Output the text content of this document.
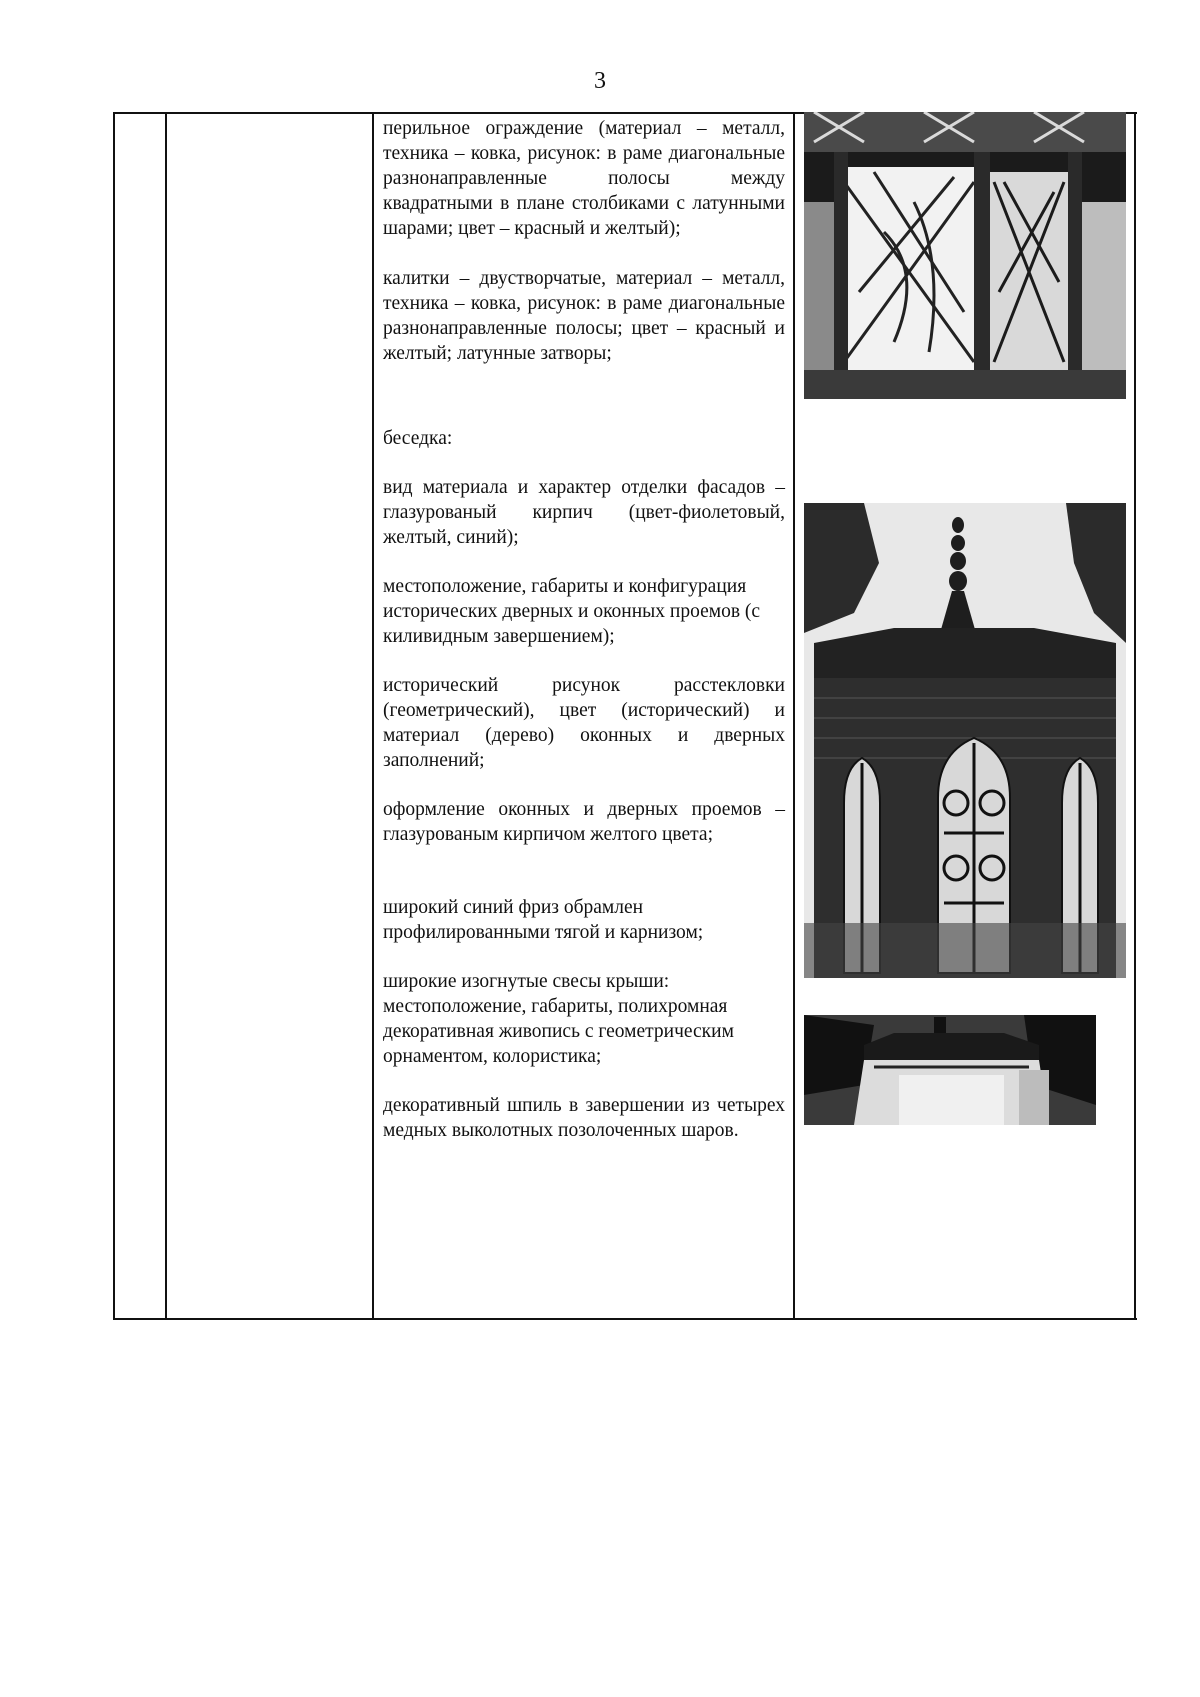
3

перильное ограждение (материал – металл, техника – ковка, рисунок: в раме диагональные разнонаправленные полосы между квадратными в плане столбиками с латунными шарами; цвет – красный и желтый);

калитки – двустворчатые, материал – металл, техника – ковка, рисунок: в раме диагональные разнонаправленные полосы; цвет – красный и желтый; латунные затворы;

беседка:

вид материала и характер отделки фасадов – глазурованый кирпич (цвет-фиолетовый, желтый, синий);

местоположение, габариты и конфигурация исторических дверных и оконных проемов (с киливидным завершением);

исторический рисунок расстекловки (геометрический), цвет (исторический) и материал (дерево) оконных и дверных заполнений;

оформление оконных и дверных проемов – глазурованым кирпичом желтого цвета;

широкий синий фриз обрамлен профилированными тягой и карнизом;

широкие изогнутые свесы крыши: местоположение, габариты, полихромная декоративная живопись с геометрическим орнаментом, колористика;

декоративный шпиль в завершении из четырех медных выколотных позолоченных шаров.
